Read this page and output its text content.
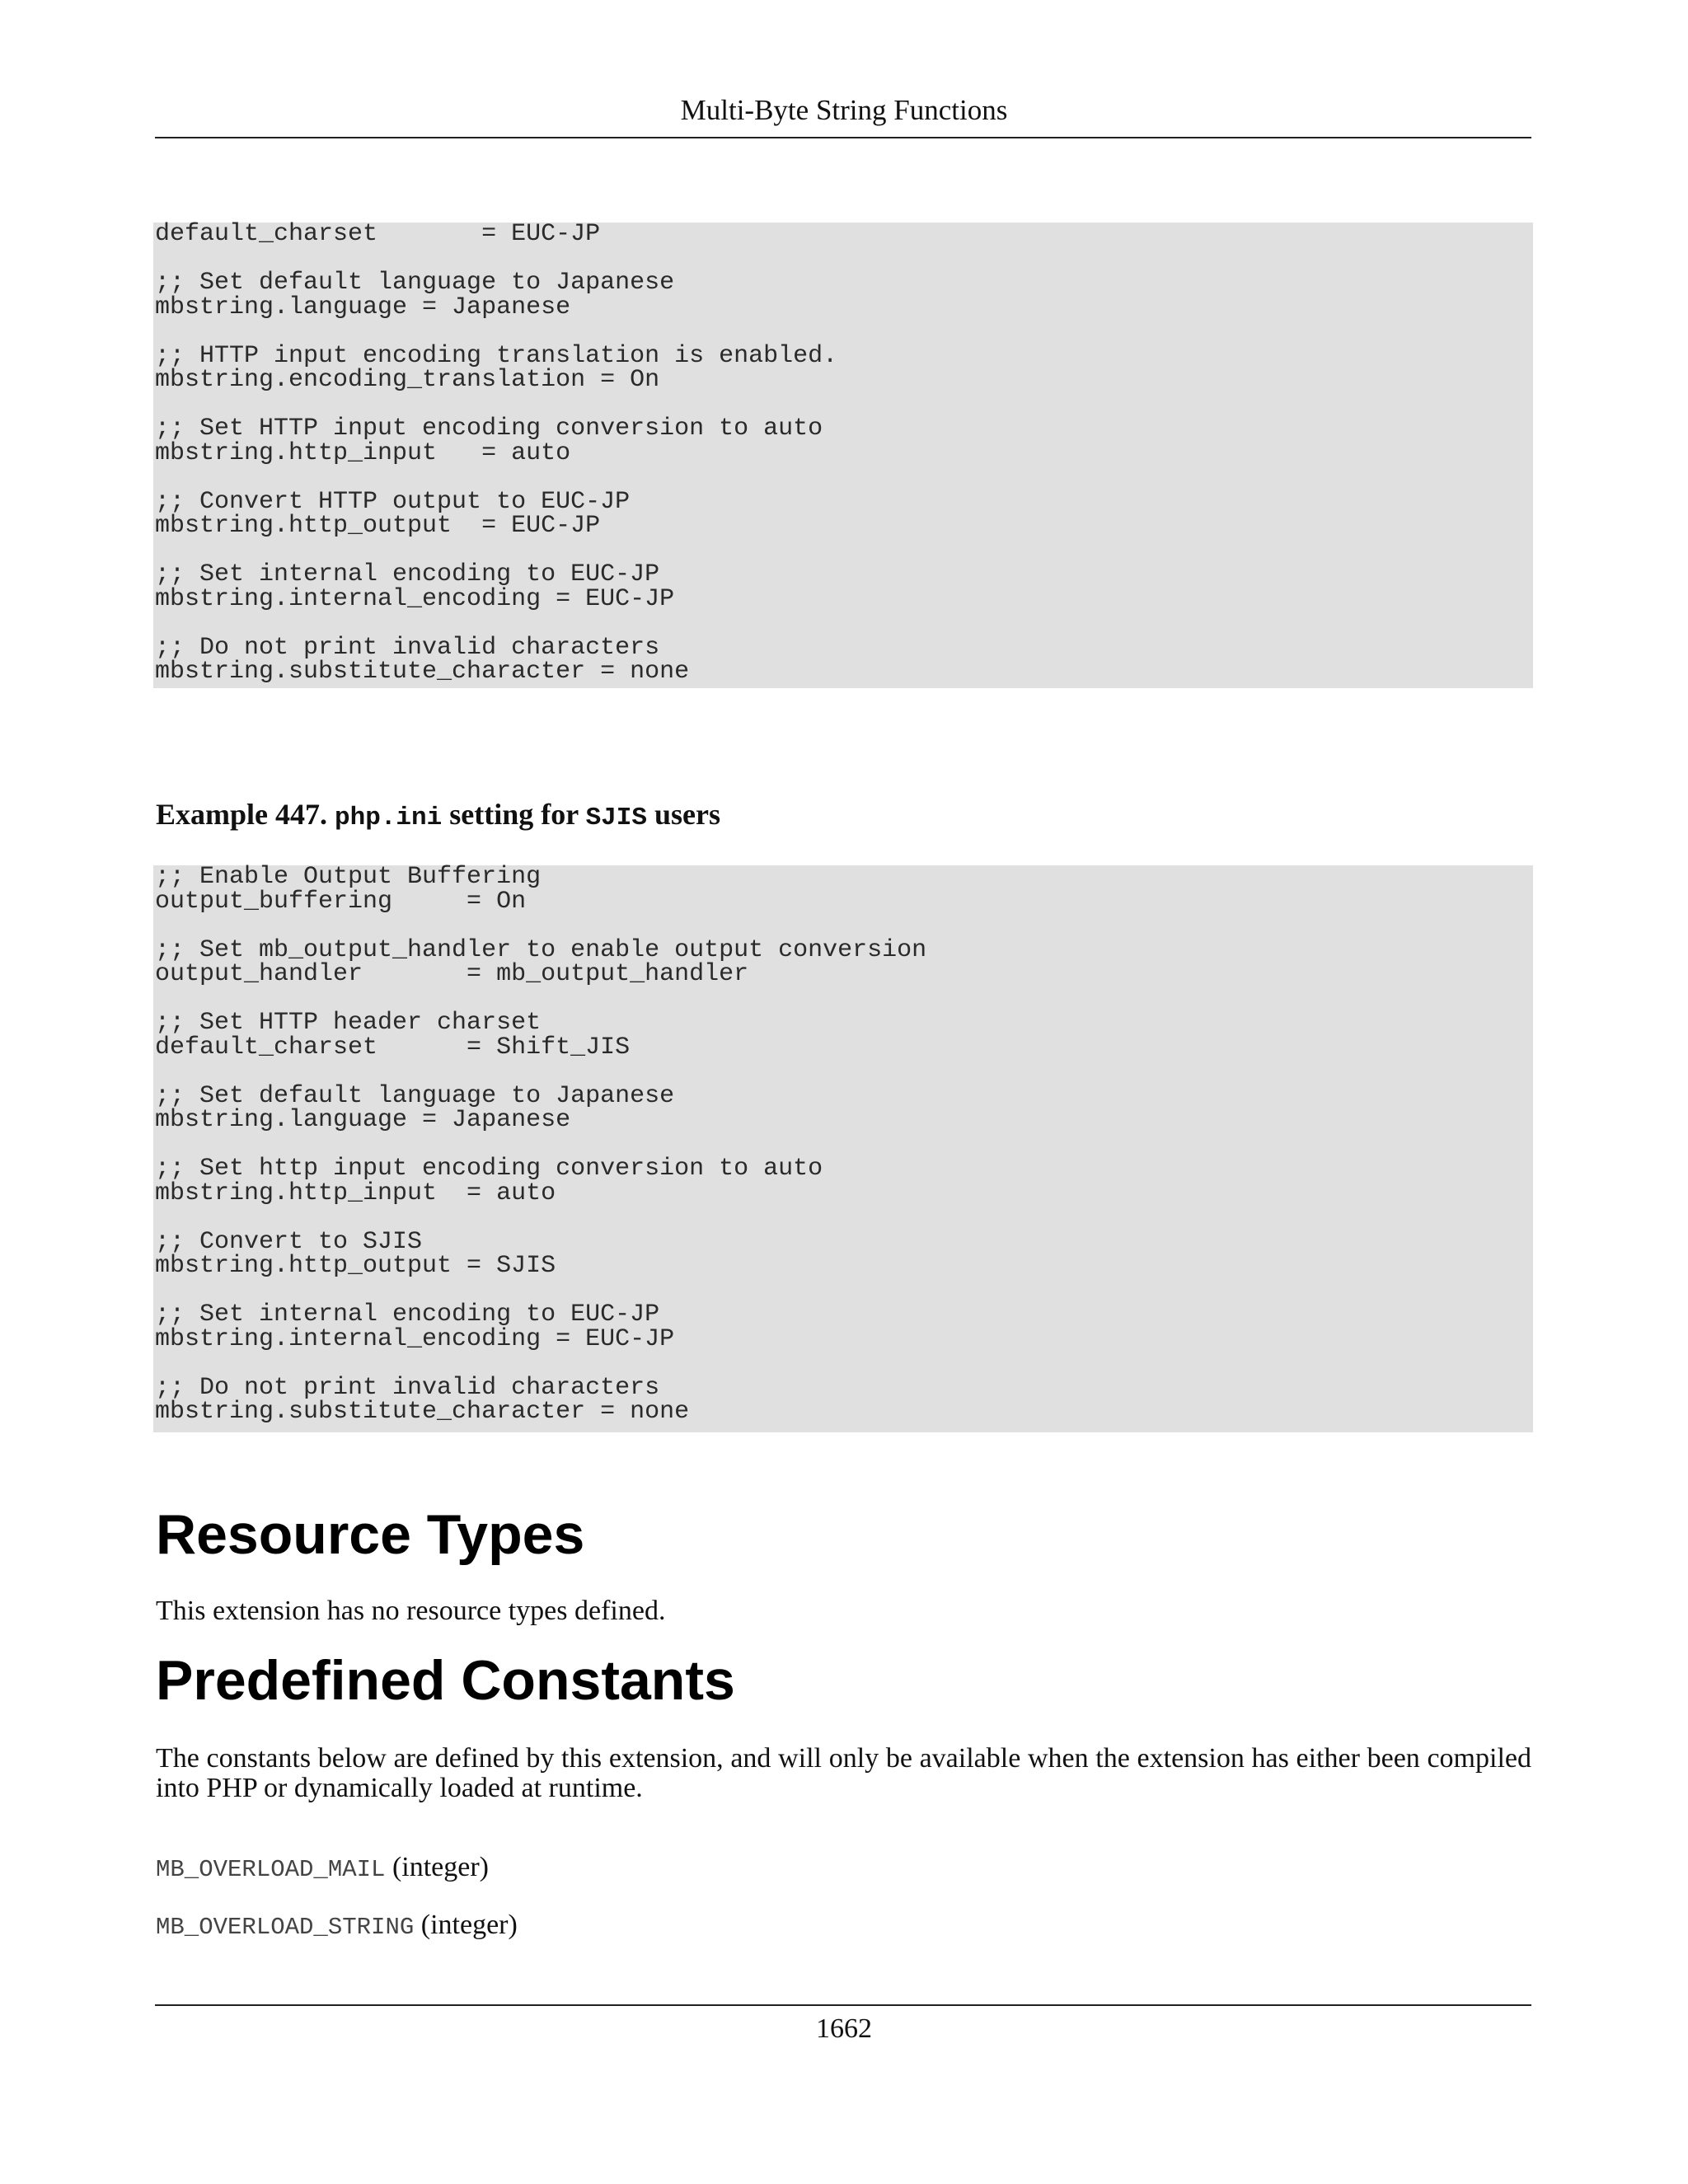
Multi-Byte String Functions
default_charset       = EUC-JP
;; Set default language to Japanese
mbstring.language = Japanese
;; HTTP input encoding translation is enabled.
mbstring.encoding_translation = On
;; Set HTTP input encoding conversion to auto
mbstring.http_input   = auto
;; Convert HTTP output to EUC-JP
mbstring.http_output  = EUC-JP
;; Set internal encoding to EUC-JP
mbstring.internal_encoding = EUC-JP
;; Do not print invalid characters
mbstring.substitute_character = none
Example 447. php.ini setting for SJIS users
;; Enable Output Buffering
output_buffering     = On
;; Set mb_output_handler to enable output conversion
output_handler       = mb_output_handler
;; Set HTTP header charset
default_charset      = Shift_JIS
;; Set default language to Japanese
mbstring.language = Japanese
;; Set http input encoding conversion to auto
mbstring.http_input  = auto
;; Convert to SJIS
mbstring.http_output = SJIS
;; Set internal encoding to EUC-JP
mbstring.internal_encoding = EUC-JP
;; Do not print invalid characters
mbstring.substitute_character = none
Resource Types
This extension has no resource types defined.
Predefined Constants
The constants below are defined by this extension, and will only be available when the extension has either been compiled into PHP or dynamically loaded at runtime.
MB_OVERLOAD_MAIL (integer)
MB_OVERLOAD_STRING (integer)
1662
